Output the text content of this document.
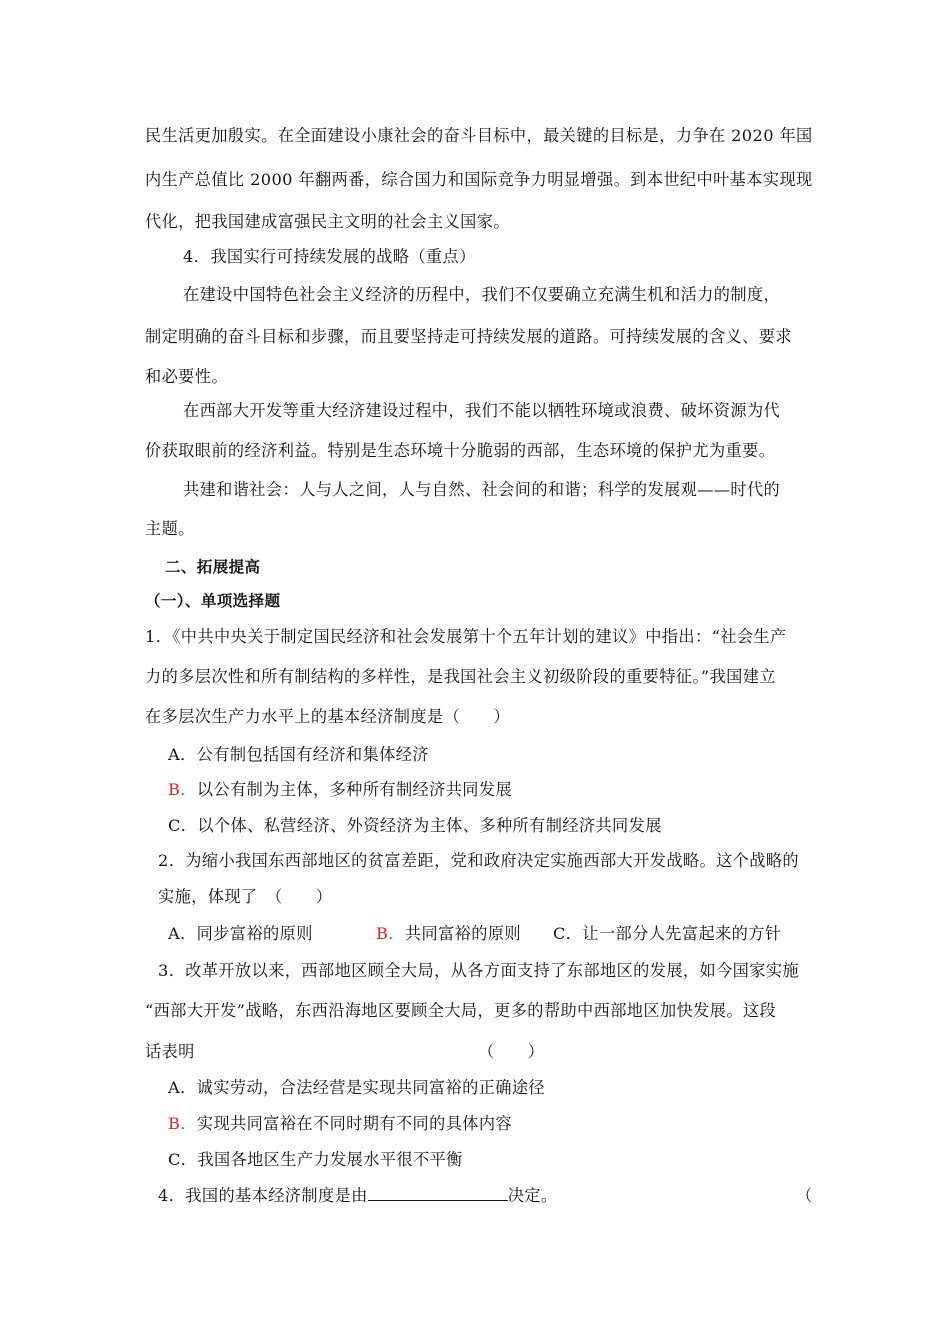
民生活更加殷实。在全面建设小康社会的奋斗目标中，最关键的目标是，力争在 2020 年国
内生产总值比 2000 年翻两番，综合国力和国际竞争力明显增强。到本世纪中叶基本实现现
代化，把我国建成富强民主文明的社会主义国家。
4．我国实行可持续发展的战略（重点）
在建设中国特色社会主义经济的历程中，我们不仅要确立充满生机和活力的制度，
制定明确的奋斗目标和步骤，而且要坚持走可持续发展的道路。可持续发展的含义、要求
和必要性。
在西部大开发等重大经济建设过程中，我们不能以牺牲环境或浪费、破坏资源为代
价获取眼前的经济利益。特别是生态环境十分脆弱的西部，生态环境的保护尤为重要。
共建和谐社会：人与人之间，人与自然、社会间的和谐；科学的发展观——时代的
主题。
二、拓展提高
（一）、单项选择题
1．《中共中央关于制定国民经济和社会发展第十个五年计划的建议》中指出：“社会生产
力的多层次性和所有制结构的多样性，是我国社会主义初级阶段的重要特征。”我国建立
在多层次生产力水平上的基本经济制度是（　　）
A．公有制包括国有经济和集体经济
B．以公有制为主体，多种所有制经济共同发展
C．以个体、私营经济、外资经济为主体、多种所有制经济共同发展
2．为缩小我国东西部地区的贫富差距，党和政府决定实施西部大开发战略。这个战略的
实施，体现了　（　　）
A．同步富裕的原则	B．共同富裕的原则 C．让一部分人先富起来的方针
3．改革开放以来，西部地区顾全大局，从各方面支持了东部地区的发展，如今国家实施
“西部大开发”战略，东西沿海地区要顾全大局，更多的帮助中西部地区加快发展。这段
话表明	（　　）
A．诚实劳动，合法经营是实现共同富裕的正确途径
B．实现共同富裕在不同时期有不同的具体内容
C．我国各地区生产力发展水平很不平衡
4．我国的基本经济制度是由	决定。	（
